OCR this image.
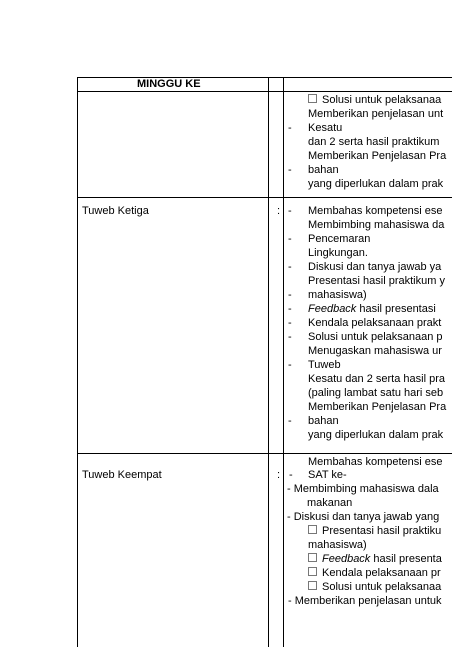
MINGGU KE
Solusi untuk pelaksanaa
Memberikan penjelasan unt
- Kesatu
dan 2 serta hasil praktikum
Memberikan Penjelasan Pra
- bahan
yang diperlukan dalam prak
Tuweb Ketiga	: - Membahas kompetensi ese
Membimbing mahasiswa da
- Pencemaran
Lingkungan.
- Diskusi dan tanya jawab ya
Presentasi hasil praktikum y
- mahasiswa)
- Feedback hasil presentasi
- Kendala pelaksanaan prakt
- Solusi untuk pelaksanaan p
Menugaskan mahasiswa ur
- Tuweb
Kesatu dan 2 serta hasil pra
(paling lambat satu hari seb
Memberikan Penjelasan Pra
- bahan
yang diperlukan dalam prak
Membahas kompetensi ese
Tuweb Keempat	: - SAT ke-
- Membimbing mahasiswa dala
makanan
- Diskusi dan tanya jawab yang
Presentasi hasil praktiku
mahasiswa)
Feedback hasil presenta
Kendala pelaksanaan pr
Solusi untuk pelaksanaa
- Memberikan penjelasan untuk
